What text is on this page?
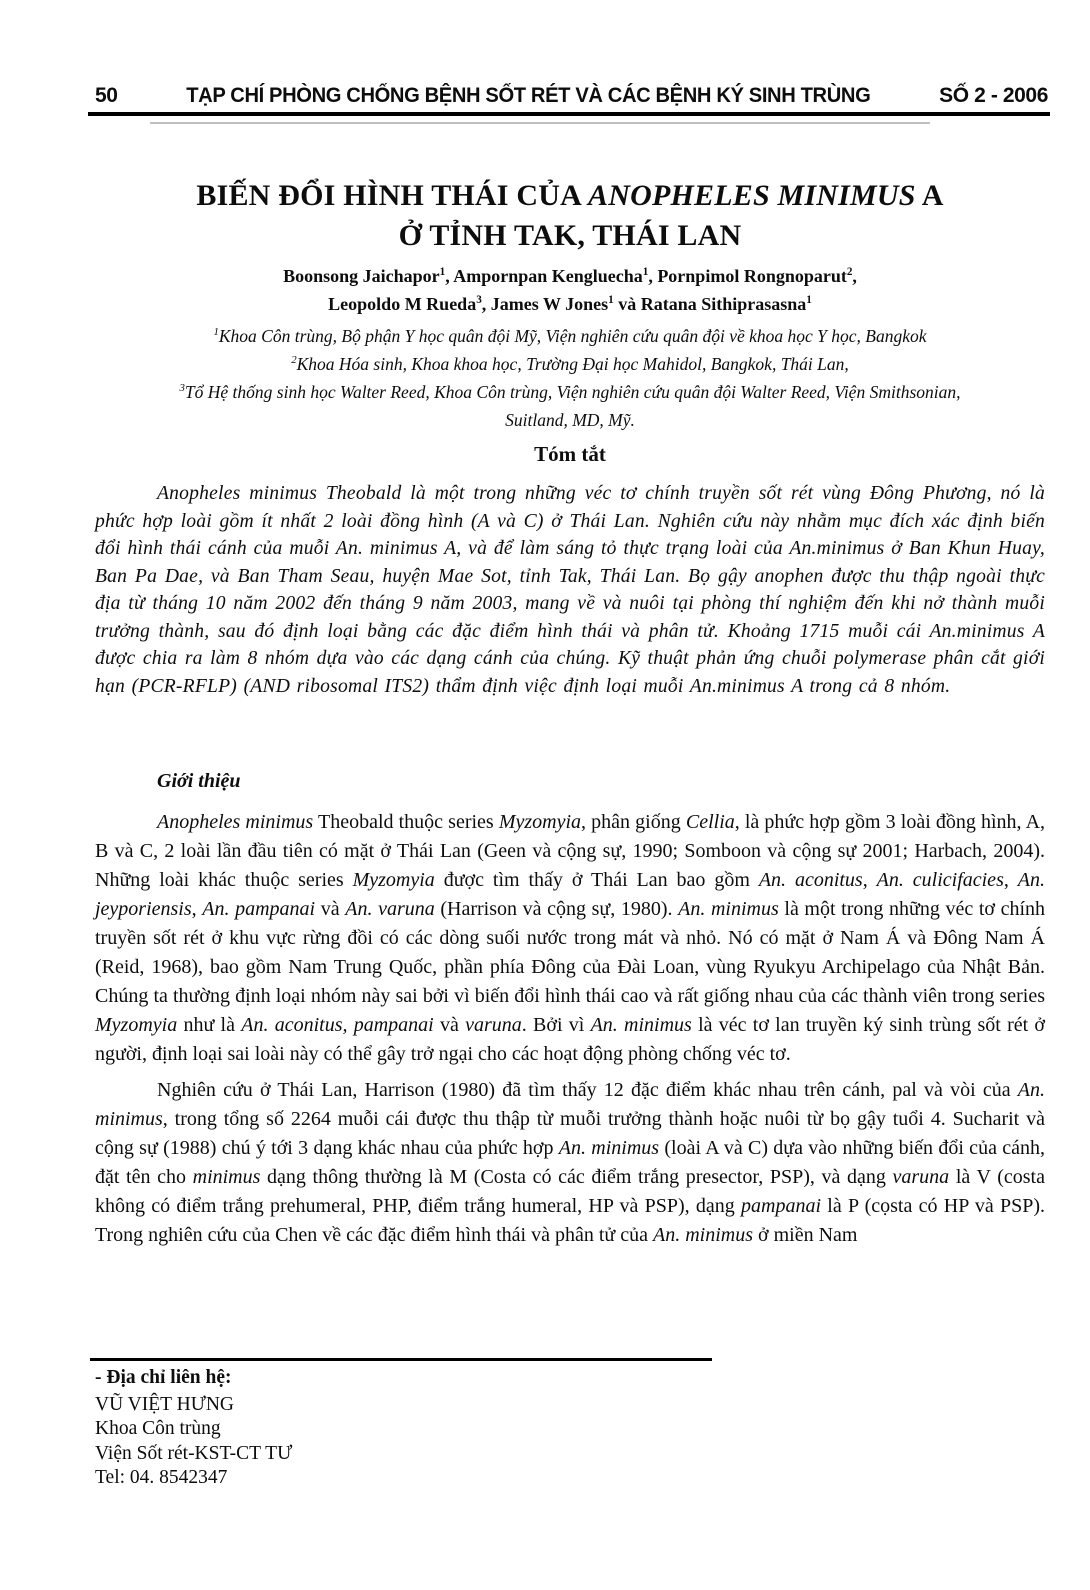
50	TẠP CHÍ PHÒNG CHỐNG BỆNH SỐT RÉT VÀ CÁC BỆNH KÝ SINH TRÙNG	SỐ 2 - 2006
BIẾN ĐỔI HÌNH THÁI CỦA ANOPHELES MINIMUS A
Ở TỈNH TAK, THÁI LAN
Boonsong Jaichapor$^1$, Ampornpan Kengluecha$^1$, Pornpimol Rongnoparut$^2$,
Leopoldo M Rueda$^3$, James W Jones$^1$ và Ratana Sithiprasasna$^1$
$^1$Khoa Côn trùng, Bộ phận Y học quân đội Mỹ, Viện nghiên cứu quân đội về khoa học Y học, Bangkok
$^2$Khoa Hóa sinh, Khoa khoa học, Trường Đại học Mahidol, Bangkok, Thái Lan,
$^3$Tổ Hệ thống sinh học Walter Reed, Khoa Côn trùng, Viện nghiên cứu quân đội Walter Reed, Viện Smithsonian,
Suitland, MD, Mỹ.
Tóm tắt

Anopheles minimus Theobald là một trong những véc tơ chính truyền sốt rét vùng Đông Phương, nó là phức hợp loài gồm ít nhất 2 loài đồng hình (A và C) ở Thái Lan. Nghiên cứu này nhằm mục đích xác định biến đổi hình thái cánh của muỗi An. minimus A, và để làm sáng tỏ thực trạng loài của An.minimus ở Ban Khun Huay, Ban Pa Dae, và Ban Tham Seau, huyện Mae Sot, tỉnh Tak, Thái Lan. Bọ gậy anophen được thu thập ngoài thực địa từ tháng 10 năm 2002 đến tháng 9 năm 2003, mang về và nuôi tại phòng thí nghiệm đến khi nở thành muỗi trưởng thành, sau đó định loại bằng các đặc điểm hình thái và phân tử. Khoảng 1715 muỗi cái An.minimus A được chia ra làm 8 nhóm dựa vào các dạng cánh của chúng. Kỹ thuật phản ứng chuỗi polymerase phân cắt giới hạn (PCR-RFLP) (AND ribosomal ITS2) thẩm định việc định loại muỗi An.minimus A trong cả 8 nhóm.

Giới thiệu

Anopheles minimus Theobald thuộc series Myzomyia, phân giống Cellia, là phức hợp gồm 3 loài đồng hình, A, B và C, 2 loài lần đầu tiên có mặt ở Thái Lan (Geen và cộng sự, 1990; Somboon và cộng sự 2001; Harbach, 2004). Những loài khác thuộc series Myzomyia được tìm thấy ở Thái Lan bao gồm An. aconitus, An. culicifacies, An. jeyporiensis, An. pampanai và An. varuna (Harrison và cộng sự, 1980). An. minimus là một trong những véc tơ chính truyền sốt rét ở khu vực rừng đồi có các dòng suối nước trong mát và nhỏ. Nó có mặt ở Nam Á và Đông Nam Á (Reid, 1968), bao gồm Nam Trung Quốc, phần phía Đông của Đài Loan, vùng Ryukyu Archipelago của Nhật Bản. Chúng ta thường định loại nhóm này sai bởi vì biến đổi hình thái cao và rất giống nhau của các thành viên trong series Myzomyia như là An. aconitus, pampanai và varuna. Bởi vì An. minimus là véc tơ lan truyền ký sinh trùng sốt rét ở người, định loại sai loài này có thể gây trở ngại cho các hoạt động phòng chống véc tơ.

Nghiên cứu ở Thái Lan, Harrison (1980) đã tìm thấy 12 đặc điểm khác nhau trên cánh, pal và vòi của An. minimus, trong tổng số 2264 muỗi cái được thu thập từ muỗi trưởng thành hoặc nuôi từ bọ gậy tuổi 4. Sucharit và cộng sự (1988) chú ý tới 3 dạng khác nhau của phức hợp An. minimus (loài A và C) dựa vào những biến đổi của cánh, đặt tên cho minimus dạng thông thường là M (Costa có các điểm trắng presector, PSP), và dạng varuna là V (costa không có điểm trắng prehumeral, PHP, điểm trắng humeral, HP và PSP), dạng pampanai là P (cọsta có HP và PSP). Trong nghiên cứu của Chen về các đặc điểm hình thái và phân tử của An. minimus ở miền Nam

- Địa chỉ liên hệ:
VŨ VIỆT HƯNG
Khoa Côn trùng
Viện Sốt rét-KST-CT TƯ
Tel: 04. 8542347
